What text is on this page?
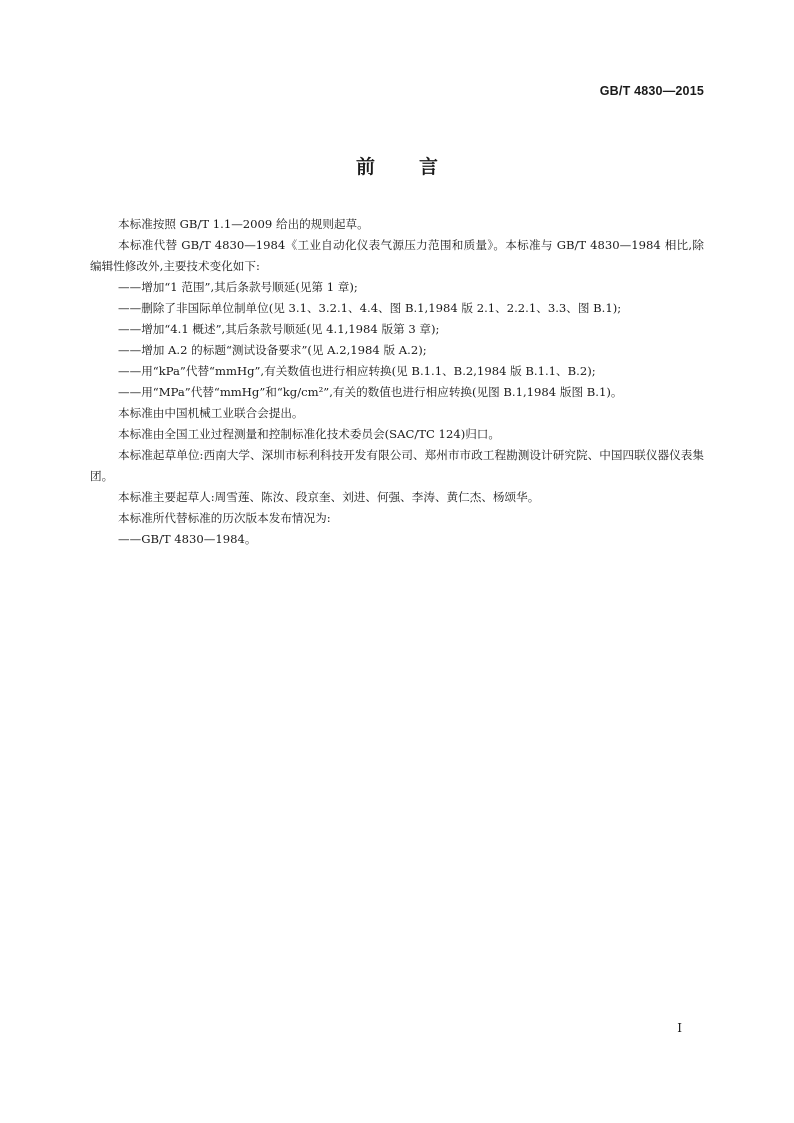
GB/T 4830—2015
前 言

本标准按照 GB/T 1.1—2009 给出的规则起草。

本标准代替 GB/T 4830—1984《工业自动化仪表气源压力范围和质量》。本标准与 GB/T 4830—1984 相比,除编辑性修改外,主要技术变化如下:

——增加“1 范围”,其后条款号顺延(见第 1 章);

——删除了非国际单位制单位(见 3.1、3.2.1、4.4、图 B.1,1984 版 2.1、2.2.1、3.3、图 B.1);

——增加“4.1 概述”,其后条款号顺延(见 4.1,1984 版第 3 章);

——增加 A.2 的标题“测试设备要求”(见 A.2,1984 版 A.2);

——用“kPa”代替“mmHg”,有关数值也进行相应转换(见 B.1.1、B.2,1984 版 B.1.1、B.2);

——用“MPa”代替“mmHg”和“kg/cm²”,有关的数值也进行相应转换(见图 B.1,1984 版图 B.1)。

本标准由中国机械工业联合会提出。

本标准由全国工业过程测量和控制标准化技术委员会(SAC/TC 124)归口。

本标准起草单位:西南大学、深圳市标利科技开发有限公司、郑州市市政工程勘测设计研究院、中国四联仪器仪表集团。

本标准主要起草人:周雪莲、陈汝、段京奎、刘进、何强、李涛、黄仁杰、杨颂华。

本标准所代替标准的历次版本发布情况为:

——GB/T 4830—1984。

I
